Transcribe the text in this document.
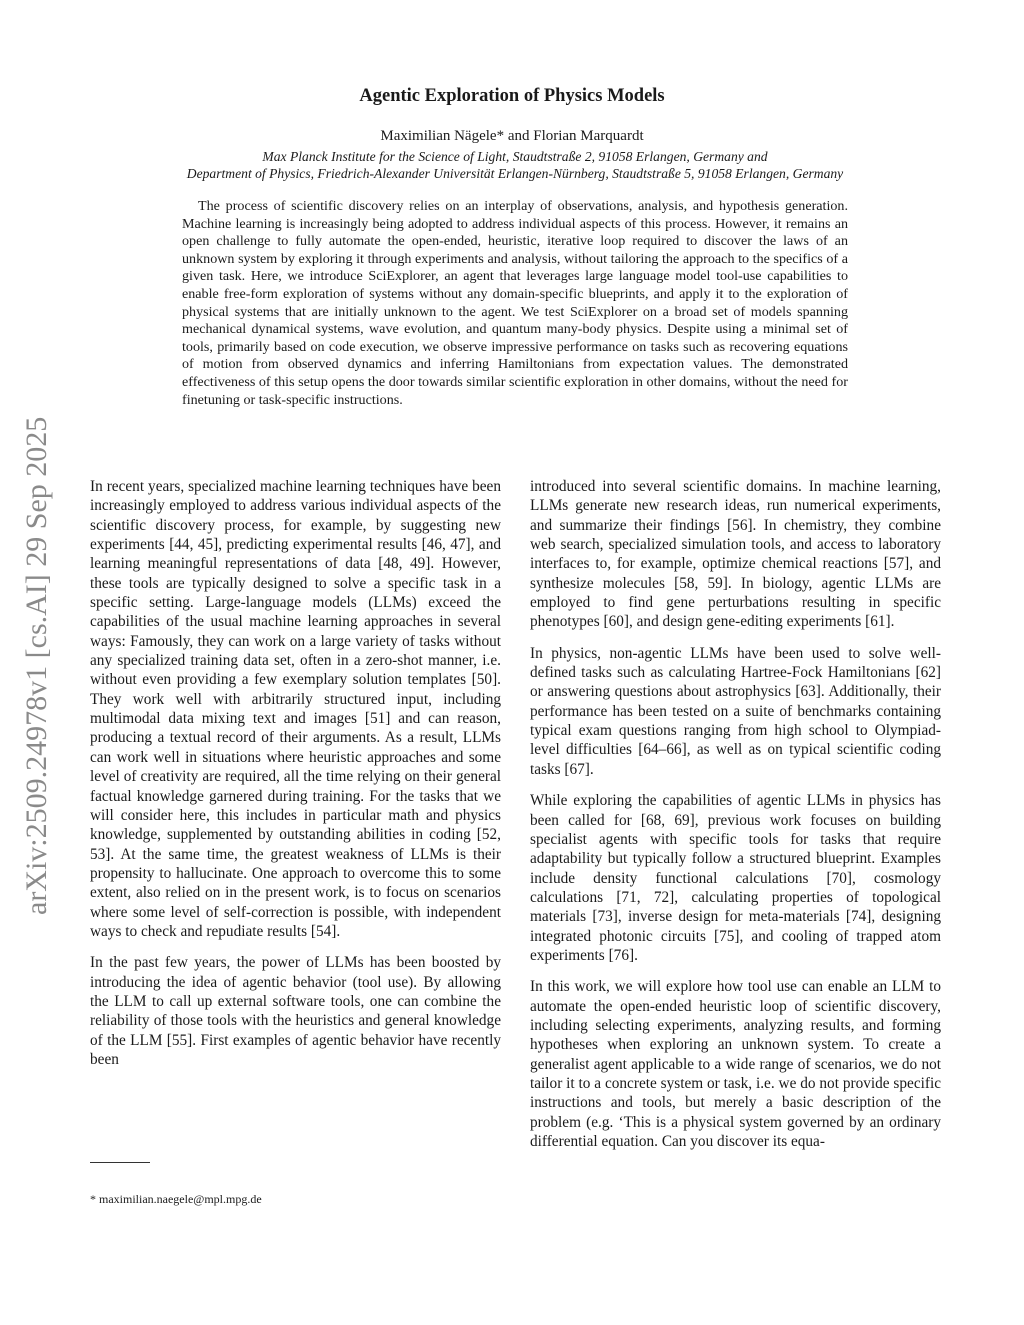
arXiv:2509.24978v1 [cs.AI] 29 Sep 2025
Agentic Exploration of Physics Models
Maximilian Nägele* and Florian Marquardt
Max Planck Institute for the Science of Light, Staudtstraße 2, 91058 Erlangen, Germany and
Department of Physics, Friedrich-Alexander Universität Erlangen-Nürnberg, Staudtstraße 5, 91058 Erlangen, Germany
The process of scientific discovery relies on an interplay of observations, analysis, and hypothesis generation. Machine learning is increasingly being adopted to address individual aspects of this process. However, it remains an open challenge to fully automate the open-ended, heuristic, iterative loop required to discover the laws of an unknown system by exploring it through experiments and analysis, without tailoring the approach to the specifics of a given task. Here, we introduce SciExplorer, an agent that leverages large language model tool-use capabilities to enable free-form exploration of systems without any domain-specific blueprints, and apply it to the exploration of physical systems that are initially unknown to the agent. We test SciExplorer on a broad set of models spanning mechanical dynamical systems, wave evolution, and quantum many-body physics. Despite using a minimal set of tools, primarily based on code execution, we observe impressive performance on tasks such as recovering equations of motion from observed dynamics and inferring Hamiltonians from expectation values. The demonstrated effectiveness of this setup opens the door towards similar scientific exploration in other domains, without the need for finetuning or task-specific instructions.

In recent years, specialized machine learning techniques have been increasingly employed to address various individual aspects of the scientific discovery process, for example, by suggesting new experiments [44, 45], predicting experimental results [46, 47], and learning meaningful representations of data [48, 49]. However, these tools are typically designed to solve a specific task in a specific setting. Large-language models (LLMs) exceed the capabilities of the usual machine learning approaches in several ways: Famously, they can work on a large variety of tasks without any specialized training data set, often in a zero-shot manner, i.e. without even providing a few exemplary solution templates [50]. They work well with arbitrarily structured input, including multimodal data mixing text and images [51] and can reason, producing a textual record of their arguments. As a result, LLMs can work well in situations where heuristic approaches and some level of creativity are required, all the time relying on their general factual knowledge garnered during training. For the tasks that we will consider here, this includes in particular math and physics knowledge, supplemented by outstanding abilities in coding [52, 53]. At the same time, the greatest weakness of LLMs is their propensity to hallucinate. One approach to overcome this to some extent, also relied on in the present work, is to focus on scenarios where some level of self-correction is possible, with independent ways to check and repudiate results [54].

In the past few years, the power of LLMs has been boosted by introducing the idea of agentic behavior (tool use). By allowing the LLM to call up external software tools, one can combine the reliability of those tools with the heuristics and general knowledge of the LLM [55]. First examples of agentic behavior have recently been

introduced into several scientific domains. In machine learning, LLMs generate new research ideas, run numerical experiments, and summarize their findings [56]. In chemistry, they combine web search, specialized simulation tools, and access to laboratory interfaces to, for example, optimize chemical reactions [57], and synthesize molecules [58, 59]. In biology, agentic LLMs are employed to find gene perturbations resulting in specific phenotypes [60], and design gene-editing experiments [61].

In physics, non-agentic LLMs have been used to solve well-defined tasks such as calculating Hartree-Fock Hamiltonians [62] or answering questions about astrophysics [63]. Additionally, their performance has been tested on a suite of benchmarks containing typical exam questions ranging from high school to Olympiad-level difficulties [64–66], as well as on typical scientific coding tasks [67].

While exploring the capabilities of agentic LLMs in physics has been called for [68, 69], previous work focuses on building specialist agents with specific tools for tasks that require adaptability but typically follow a structured blueprint. Examples include density functional calculations [70], cosmology calculations [71, 72], calculating properties of topological materials [73], inverse design for meta-materials [74], designing integrated photonic circuits [75], and cooling of trapped atom experiments [76].

In this work, we will explore how tool use can enable an LLM to automate the open-ended heuristic loop of scientific discovery, including selecting experiments, analyzing results, and forming hypotheses when exploring an unknown system. To create a generalist agent applicable to a wide range of scenarios, we do not tailor it to a concrete system or task, i.e. we do not provide specific instructions and tools, but merely a basic description of the problem (e.g. ‘This is a physical system governed by an ordinary differential equation. Can you discover its equa-

* maximilian.naegele@mpl.mpg.de
